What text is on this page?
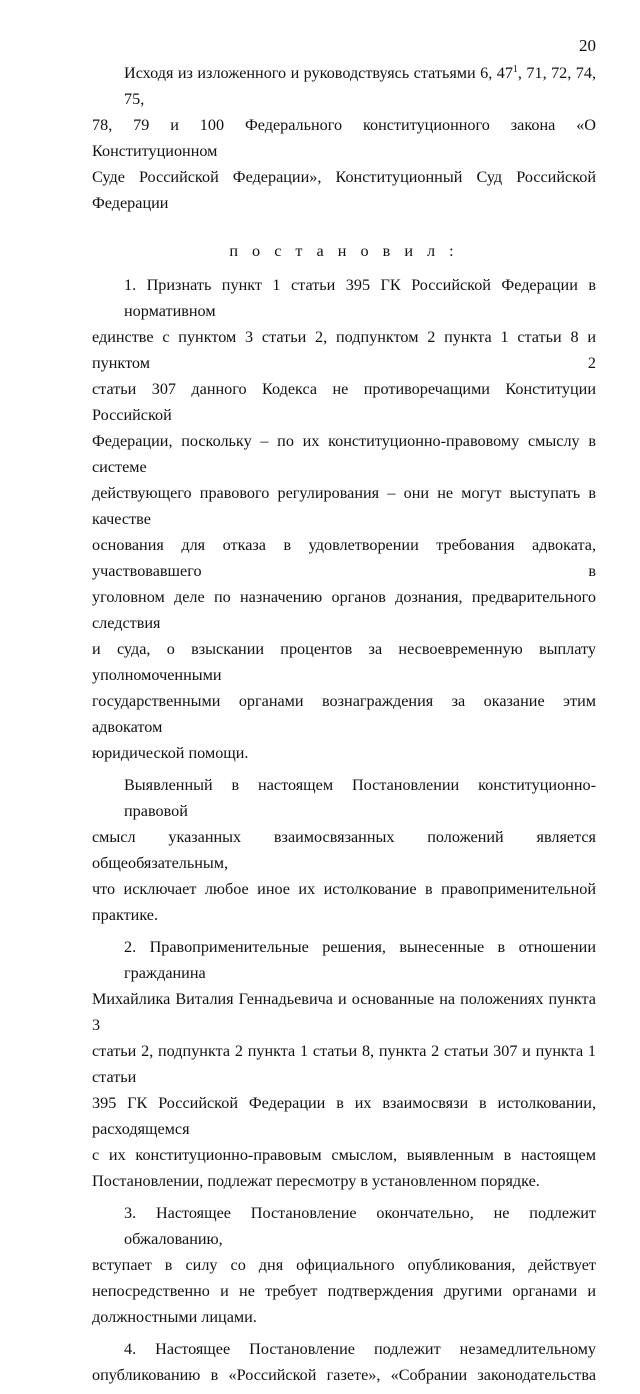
20
Исходя из изложенного и руководствуясь статьями 6, $47^1$, 71, 72, 74, 75,
78, 79 и 100 Федерального конституционного закона «О Конституционном
Суде Российской Федерации», Конституционный Суд Российской Федерации
п о с т а н о в и л :
1. Признать пункт 1 статьи 395 ГК Российской Федерации в нормативном
единстве с пунктом 3 статьи 2, подпунктом 2 пункта 1 статьи 8 и пунктом 2
статьи 307 данного Кодекса не противоречащими Конституции Российской
Федерации, поскольку – по их конституционно-правовому смыслу в системе
действующего правового регулирования – они не могут выступать в качестве
основания для отказа в удовлетворении требования адвоката, участвовавшего в
уголовном деле по назначению органов дознания, предварительного следствия
и суда, о взыскании процентов за несвоевременную выплату уполномоченными
государственными органами вознаграждения за оказание этим адвокатом
юридической помощи.
Выявленный в настоящем Постановлении конституционно-правовой
смысл указанных взаимосвязанных положений является общеобязательным,
что исключает любое иное их истолкование в правоприменительной практике.
2. Правоприменительные решения, вынесенные в отношении гражданина
Михайлика Виталия Геннадьевича и основанные на положениях пункта 3
статьи 2, подпункта 2 пункта 1 статьи 8, пункта 2 статьи 307 и пункта 1 статьи
395 ГК Российской Федерации в их взаимосвязи в истолковании, расходящемся
с их конституционно-правовым смыслом, выявленным в настоящем
Постановлении, подлежат пересмотру в установленном порядке.
3. Настоящее Постановление окончательно, не подлежит обжалованию,
вступает в силу со дня официального опубликования, действует
непосредственно и не требует подтверждения другими органами и
должностными лицами.
4. Настоящее Постановление подлежит незамедлительному
опубликованию в «Российской газете», «Собрании законодательства
